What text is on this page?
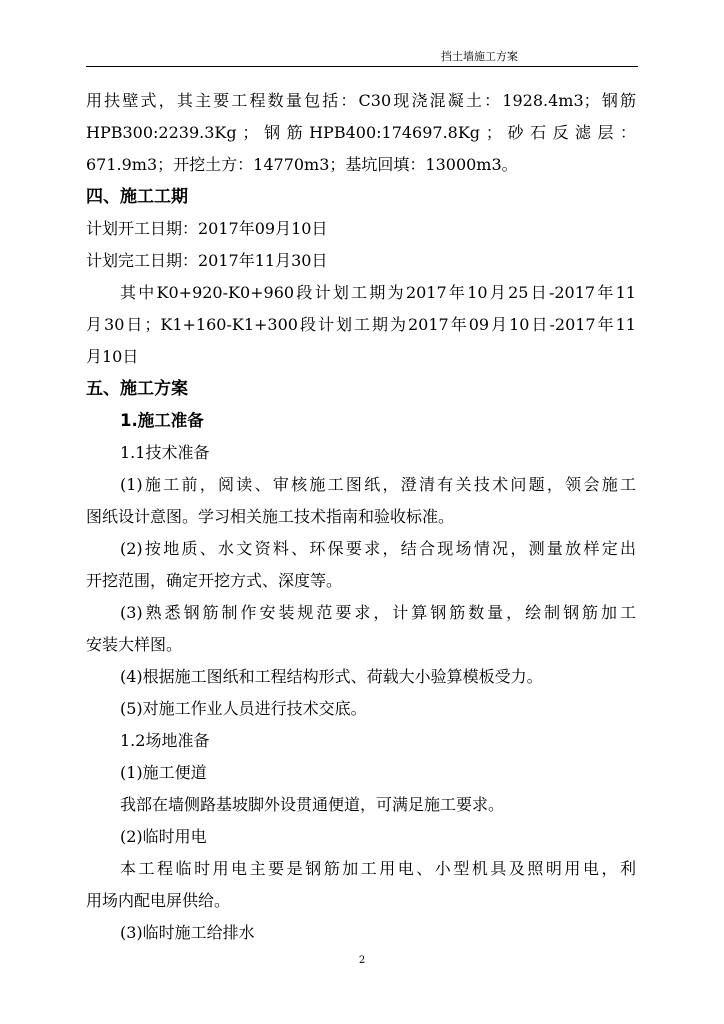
挡土墙施工方案
用扶壁式，其主要工程数量包括：C30现浇混凝土：1928.4m3；钢筋
HPB300:2239.3Kg ； 钢 筋 HPB400:174697.8Kg ； 砂 石 反 滤 层 ：
671.9m3；开挖土方：14770m3；基坑回填：13000m3。
四、施工工期
计划开工日期：2017年09月10日
计划完工日期：2017年11月30日
其中K0+920-K0+960段计划工期为2017年10月25日-2017年11
月30日；K1+160-K1+300段计划工期为2017年09月10日-2017年11
月10日
五、施工方案
1.施工准备
1.1技术准备
(1)施工前，阅读、审核施工图纸，澄清有关技术问题，领会施工
图纸设计意图。学习相关施工技术指南和验收标准。
(2)按地质、水文资料、环保要求，结合现场情况，测量放样定出
开挖范围，确定开挖方式、深度等。
(3)熟悉钢筋制作安装规范要求，计算钢筋数量，绘制钢筋加工
安装大样图。
(4)根据施工图纸和工程结构形式、荷载大小验算模板受力。
(5)对施工作业人员进行技术交底。
1.2场地准备
(1)施工便道
我部在墙侧路基坡脚外设贯通便道，可满足施工要求。
(2)临时用电
本工程临时用电主要是钢筋加工用电、小型机具及照明用电，利
用场内配电屏供给。
(3)临时施工给排水
2
